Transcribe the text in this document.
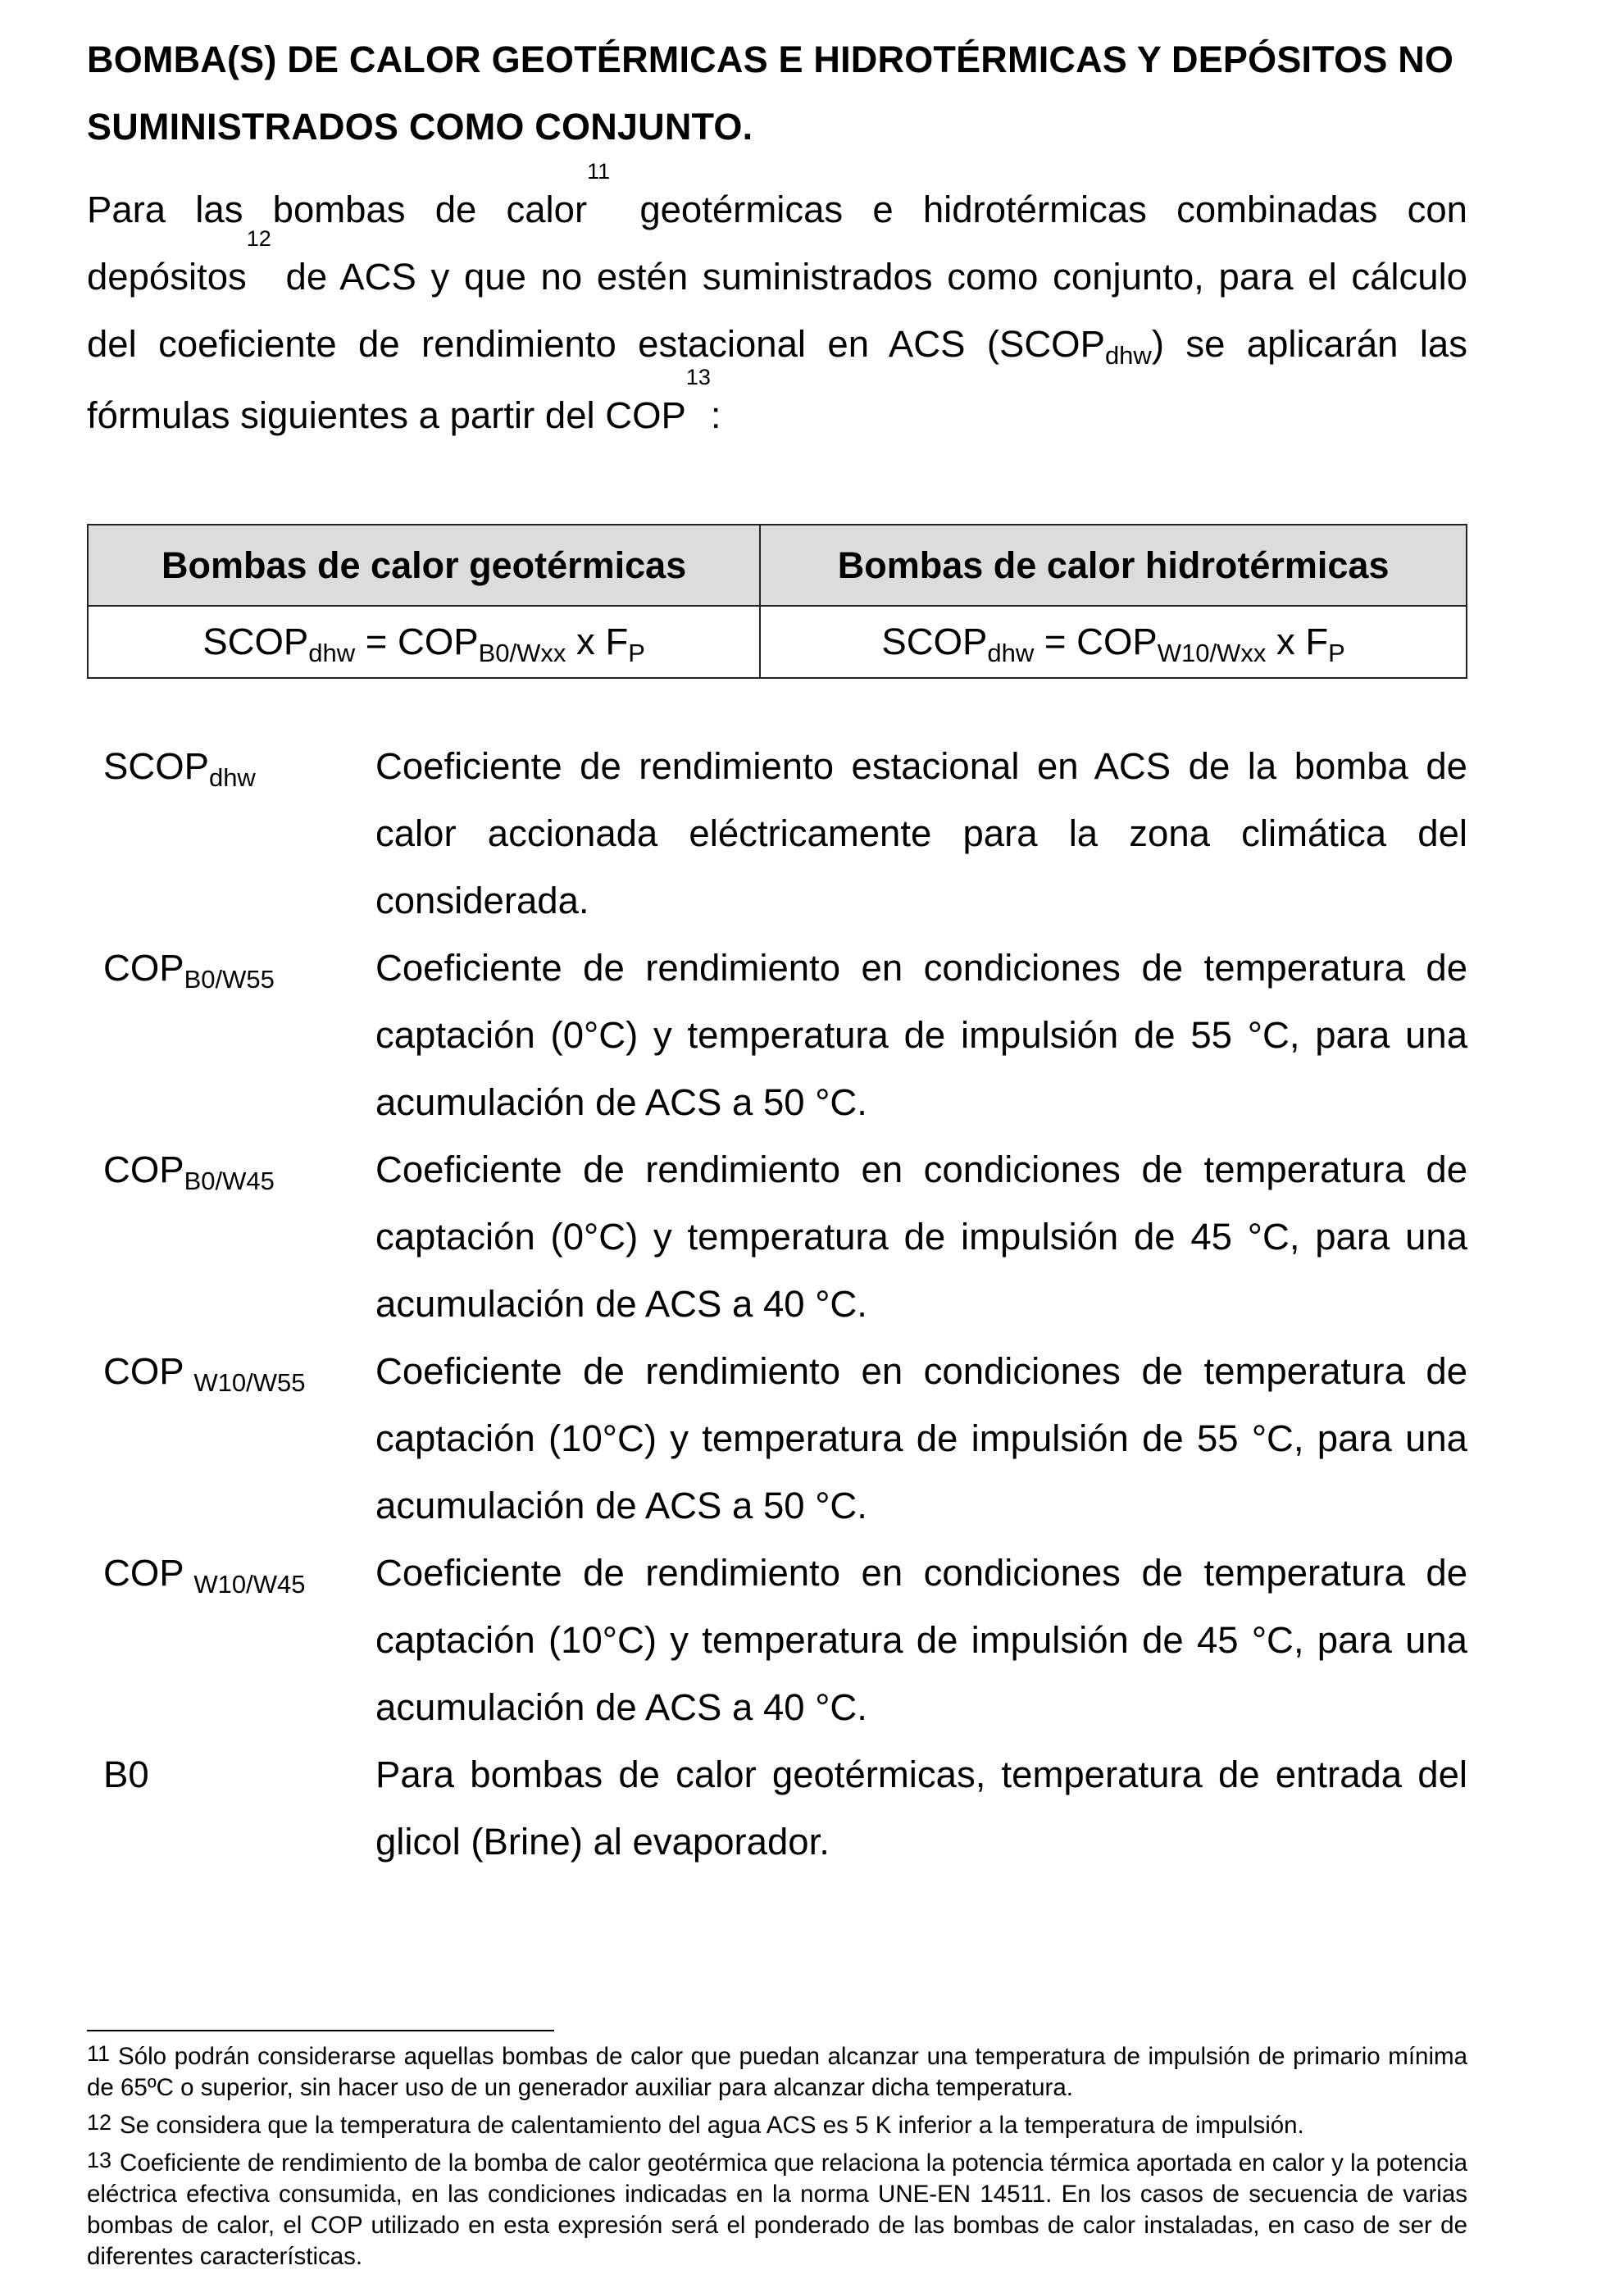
BOMBA(S) DE CALOR GEOTÉRMICAS E HIDROTÉRMICAS Y DEPÓSITOS NO SUMINISTRADOS COMO CONJUNTO.
Para las bombas de calor$^{11}$ geotérmicas e hidrotérmicas combinadas con depósitos$^{12}$ de ACS y que no estén suministrados como conjunto, para el cálculo del coeficiente de rendimiento estacional en ACS $(SCOP_{dhw})$ se aplicarán las fórmulas siguientes a partir del COP$^{13}$:
Bombas de calor geotérmicas	Bombas de calor hidrotérmicas
$SCOP_{dhw} = COP_{B0/Wxx}$ x $F_P$	$SCOP_{dhw} = COP_{W10/Wxx}$ x $F_P$
$SCOP_{dhw}$	Coeficiente de rendimiento estacional en ACS de la bomba de calor accionada eléctricamente para la zona climática del considerada.
$COP_{B0/W55}$	Coeficiente de rendimiento en condiciones de temperatura de captación (0°C) y temperatura de impulsión de 55 °C, para una acumulación de ACS a 50 °C.
$COP_{B0/W45}$	Coeficiente de rendimiento en condiciones de temperatura de captación (0°C) y temperatura de impulsión de 45 °C, para una acumulación de ACS a 40 °C.
COP $_{W10/W55}$	Coeficiente de rendimiento en condiciones de temperatura de captación (10°C) y temperatura de impulsión de 55 °C, para una acumulación de ACS a 50 °C.
COP $_{W10/W45}$	Coeficiente de rendimiento en condiciones de temperatura de captación (10°C) y temperatura de impulsión de 45 °C, para una acumulación de ACS a 40 °C.
B0	Para bombas de calor geotérmicas, temperatura de entrada del glicol (Brine) al evaporador.
11 Sólo podrán considerarse aquellas bombas de calor que puedan alcanzar una temperatura de impulsión de primario mínima de 65ºC o superior, sin hacer uso de un generador auxiliar para alcanzar dicha temperatura.
12 Se considera que la temperatura de calentamiento del agua ACS es 5 K inferior a la temperatura de impulsión.
13 Coeficiente de rendimiento de la bomba de calor geotérmica que relaciona la potencia térmica aportada en calor y la potencia eléctrica efectiva consumida, en las condiciones indicadas en la norma UNE-EN 14511. En los casos de secuencia de varias bombas de calor, el COP utilizado en esta expresión será el ponderado de las bombas de calor instaladas, en caso de ser de diferentes características.
